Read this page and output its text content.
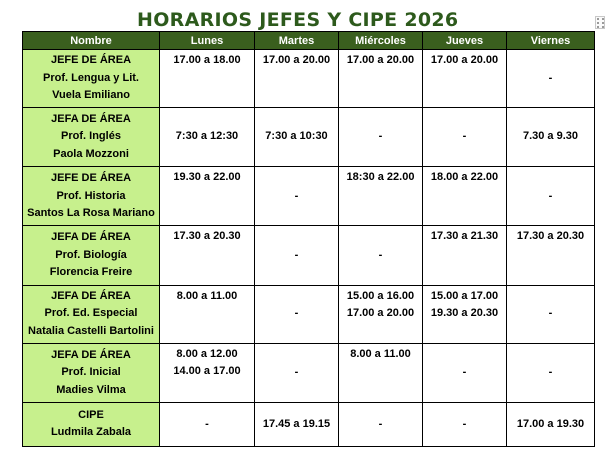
HORARIOS JEFES Y CIPE 2026
Nombre	Lunes	Martes	Miércoles	Jueves	Viernes

JEFE DE ÁREA
Prof. Lengua y Lit.
Vuela Emiliano	17.00 a 18.00	17.00 a 20.00	17.00 a 20.00	17.00 a 20.00	-

JEFA DE ÁREA
Prof. Inglés
Paola Mozzoni	7:30 a 12:30	7:30 a 10:30	-	-	7.30 a 9.30

JEFE DE ÁREA
Prof. Historia
Santos La Rosa Mariano	19.30 a 22.00	-	18:30 a 22.00	18.00 a 22.00	-

JEFA DE ÁREA
Prof. Biología
Florencia Freire	17.30 a 20.30	-	-	17.30 a 21.30	17.30 a 20.30

JEFA DE ÁREA
Prof. Ed. Especial
Natalia Castelli Bartolini	8.00 a 11.00	-	15.00 a 16.00
17.00 a 20.00	15.00 a 17.00
19.30 a 20.30	-

JEFA DE ÁREA
Prof. Inicial
Madies Vilma	8.00 a 12.00
14.00 a 17.00	-	8.00 a 11.00	-	-

CIPE
Ludmila Zabala	-	17.45 a 19.15	-	-	17.00 a 19.30
